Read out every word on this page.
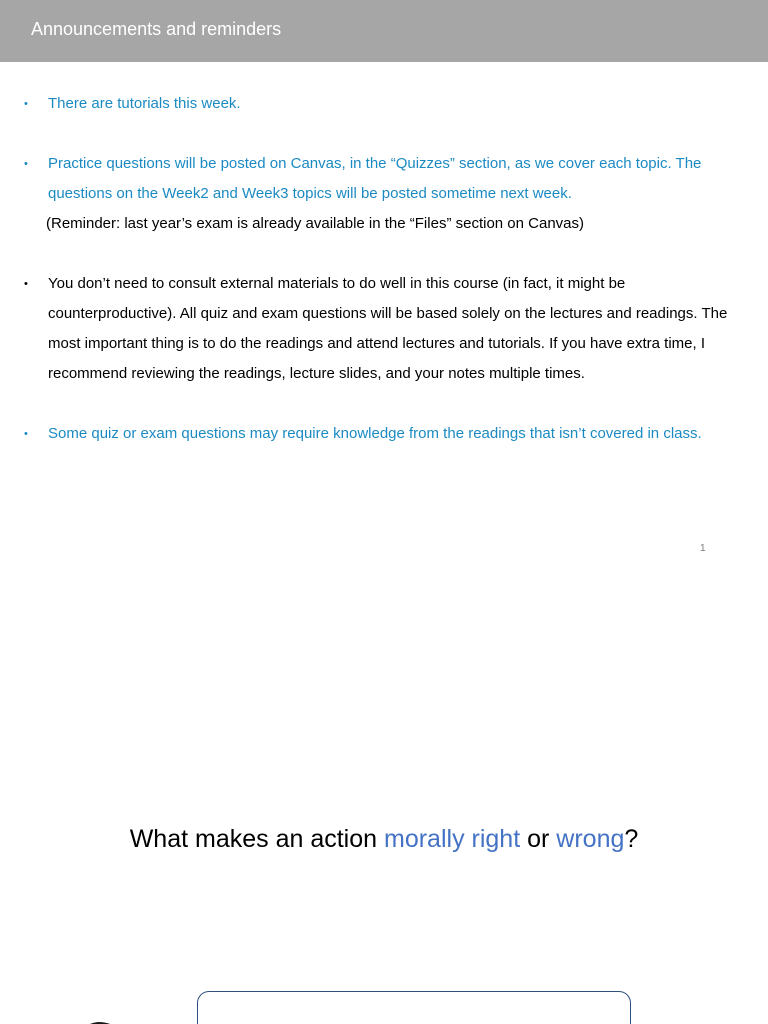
Announcements and reminders
• There are tutorials this week.
• Practice questions will be posted on Canvas, in the “Quizzes” section, as we cover each topic. The questions on the Week2 and Week3 topics will be posted sometime next week.
(Reminder: last year’s exam is already available in the “Files” section on Canvas)
• You don’t need to consult external materials to do well in this course (in fact, it might be counterproductive). All quiz and exam questions will be based solely on the lectures and readings. The most important thing is to do the readings and attend lectures and tutorials. If you have extra time, I recommend reviewing the readings, lecture slides, and your notes multiple times.
• Some quiz or exam questions may require knowledge from the readings that isn’t covered in class.
1
What makes an action morally right or wrong?
